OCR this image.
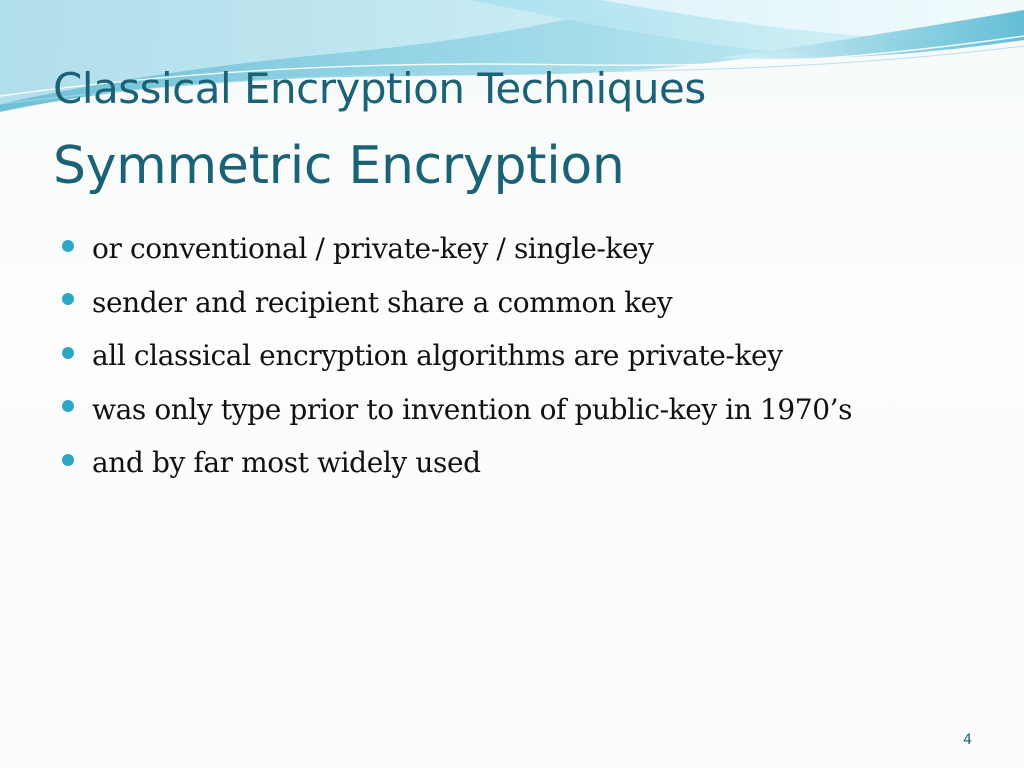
Classical Encryption Techniques
Symmetric Encryption
or conventional / private-key / single-key
sender and recipient share a common key
all classical encryption algorithms are private-key
was only type prior to invention of public-key in 1970’s
and by far most widely used
4
